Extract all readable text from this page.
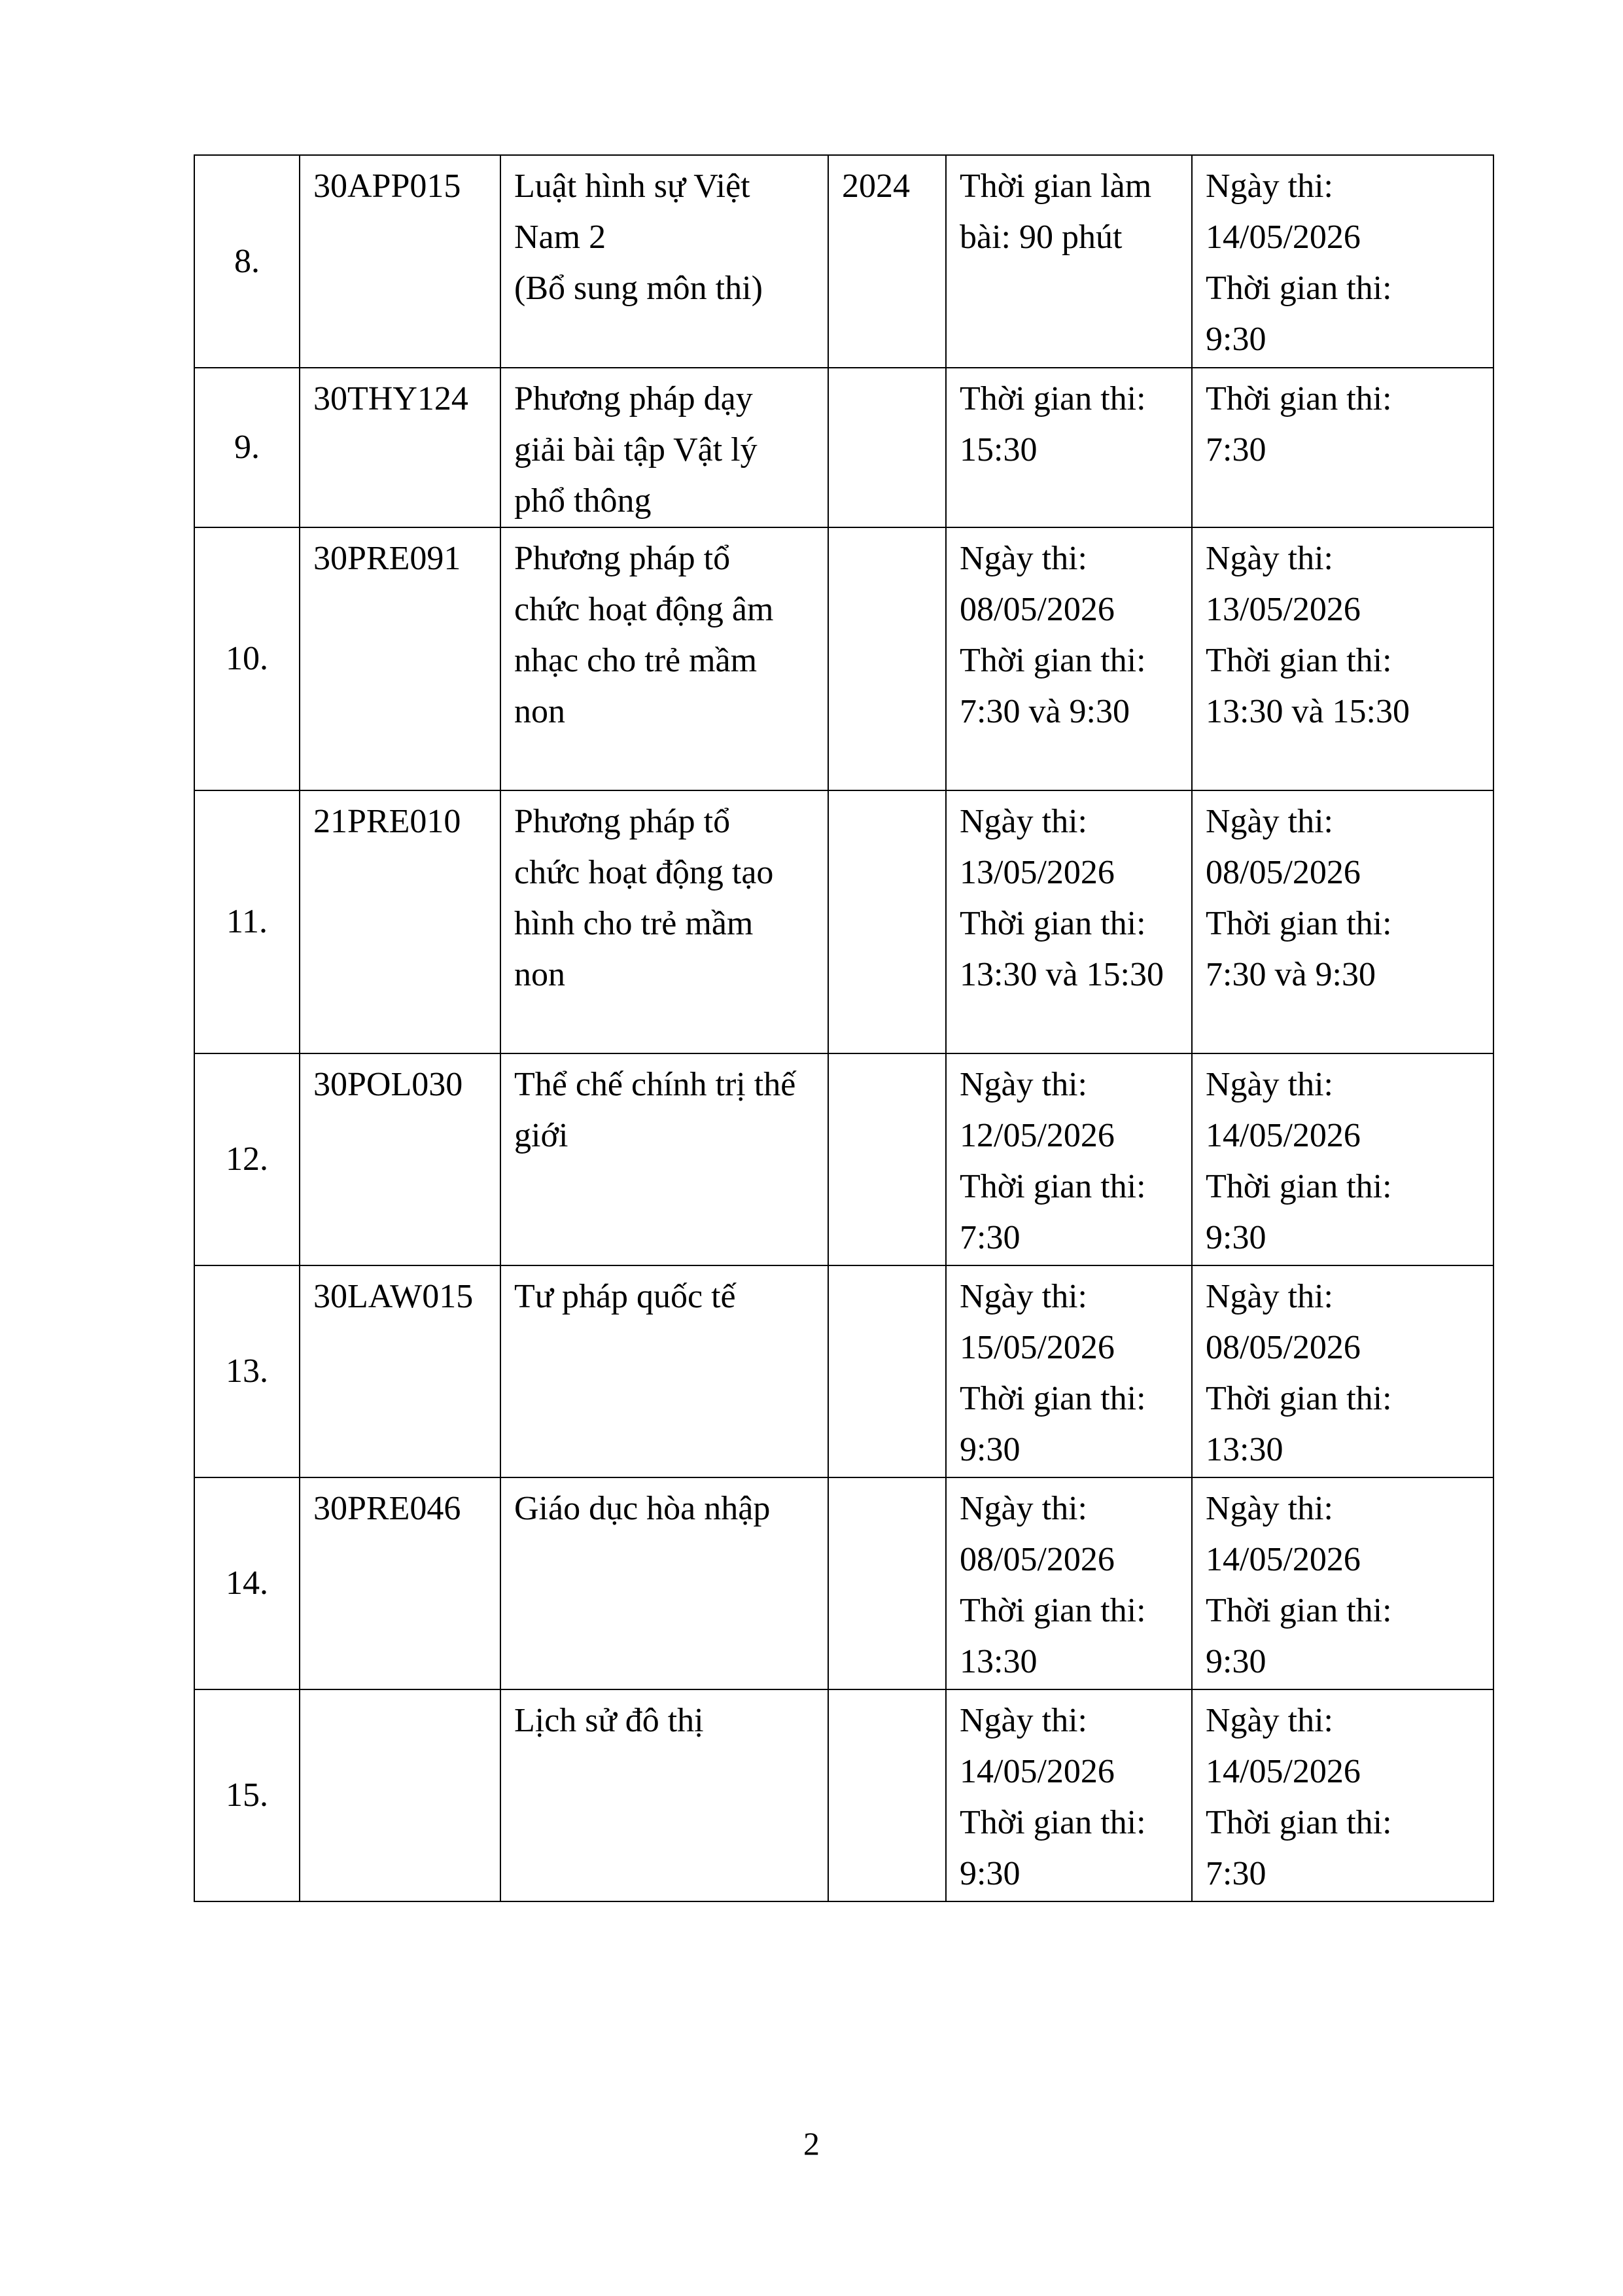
8.	30APP015	Luật hình sự Việt
Nam 2
(Bổ sung môn thi)	2024	Thời gian làm
bài: 90 phút	Ngày thi:
14/05/2026
Thời gian thi:
9:30

9.	30THY124	Phương pháp dạy
giải bài tập Vật lý
phổ thông		Thời gian thi:
15:30	Thời gian thi:
7:30

10.	30PRE091	Phương pháp tổ
chức hoạt động âm
nhạc cho trẻ mầm
non		Ngày thi:
08/05/2026
Thời gian thi:
7:30 và 9:30	Ngày thi:
13/05/2026
Thời gian thi:
13:30 và 15:30

11.	21PRE010	Phương pháp tổ
chức hoạt động tạo
hình cho trẻ mầm
non		Ngày thi:
13/05/2026
Thời gian thi:
13:30 và 15:30	Ngày thi:
08/05/2026
Thời gian thi:
7:30 và 9:30

12.	30POL030	Thể chế chính trị thế
giới		Ngày thi:
12/05/2026
Thời gian thi:
7:30	Ngày thi:
14/05/2026
Thời gian thi:
9:30

13.	30LAW015	Tư pháp quốc tế		Ngày thi:
15/05/2026
Thời gian thi:
9:30	Ngày thi:
08/05/2026
Thời gian thi:
13:30

14.	30PRE046	Giáo dục hòa nhập		Ngày thi:
08/05/2026
Thời gian thi:
13:30	Ngày thi:
14/05/2026
Thời gian thi:
9:30

15.		Lịch sử đô thị		Ngày thi:
14/05/2026
Thời gian thi:
9:30	Ngày thi:
14/05/2026
Thời gian thi:
7:30
2
